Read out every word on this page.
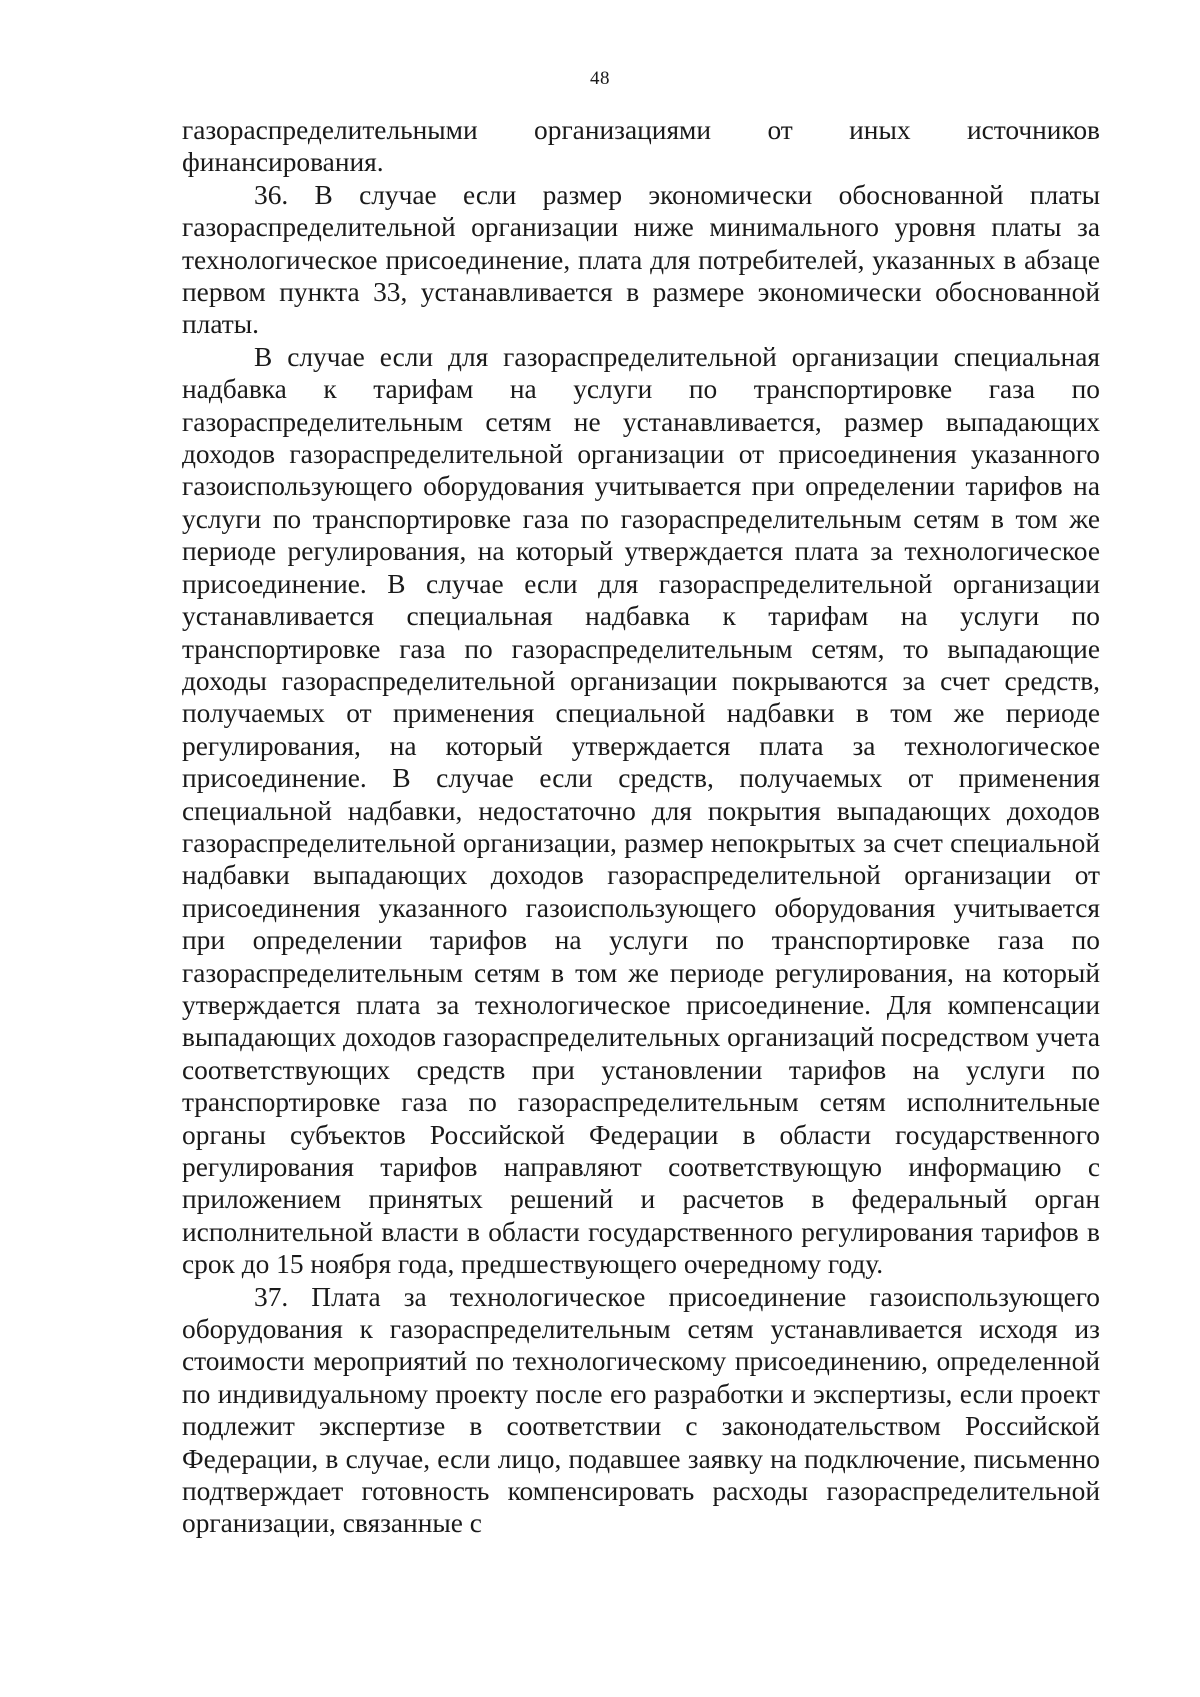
48

газораспределительными организациями от иных источников финансирования.

36. В случае если размер экономически обоснованной платы газораспределительной организации ниже минимального уровня платы за технологическое присоединение, плата для потребителей, указанных в абзаце первом пункта 33, устанавливается в размере экономически обоснованной платы.

В случае если для газораспределительной организации специальная надбавка к тарифам на услуги по транспортировке газа по газораспределительным сетям не устанавливается, размер выпадающих доходов газораспределительной организации от присоединения указанного газоиспользующего оборудования учитывается при определении тарифов на услуги по транспортировке газа по газораспределительным сетям в том же периоде регулирования, на который утверждается плата за технологическое присоединение. В случае если для газораспределительной организации устанавливается специальная надбавка к тарифам на услуги по транспортировке газа по газораспределительным сетям, то выпадающие доходы газораспределительной организации покрываются за счет средств, получаемых от применения специальной надбавки в том же периоде регулирования, на который утверждается плата за технологическое присоединение. В случае если средств, получаемых от применения специальной надбавки, недостаточно для покрытия выпадающих доходов газораспределительной организации, размер непокрытых за счет специальной надбавки выпадающих доходов газораспределительной организации от присоединения указанного газоиспользующего оборудования учитывается при определении тарифов на услуги по транспортировке газа по газораспределительным сетям в том же периоде регулирования, на который утверждается плата за технологическое присоединение. Для компенсации выпадающих доходов газораспределительных организаций посредством учета соответствующих средств при установлении тарифов на услуги по транспортировке газа по газораспределительным сетям исполнительные органы субъектов Российской Федерации в области государственного регулирования тарифов направляют соответствующую информацию с приложением принятых решений и расчетов в федеральный орган исполнительной власти в области государственного регулирования тарифов в срок до 15 ноября года, предшествующего очередному году.

37. Плата за технологическое присоединение газоиспользующего оборудования к газораспределительным сетям устанавливается исходя из стоимости мероприятий по технологическому присоединению, определенной по индивидуальному проекту после его разработки и экспертизы, если проект подлежит экспертизе в соответствии с законодательством Российской Федерации, в случае, если лицо, подавшее заявку на подключение, письменно подтверждает готовность компенсировать расходы газораспределительной организации, связанные с
